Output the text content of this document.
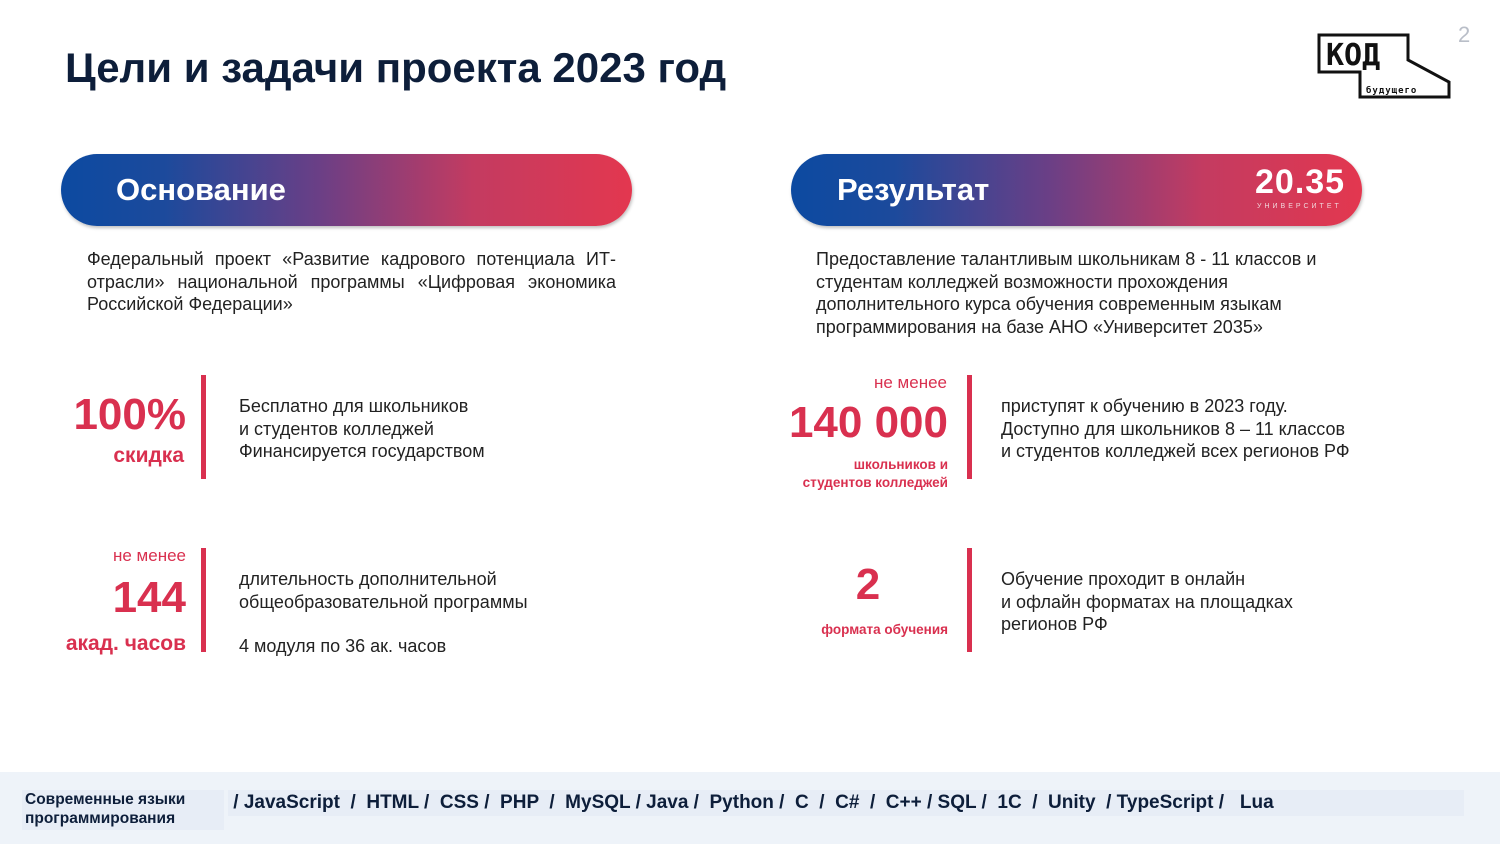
Цели и задачи проекта 2023 год
2
КОД
будущего
Основание	Результат	20.35
УНИВЕРСИТЕТ
Федеральный проект «Развитие кадрового потенциала ИТ- отрасли» национальной программы «Цифровая экономика Российской Федерации»
Предоставление талантливым школьникам 8 - 11 классов и
студентам колледжей возможности прохождения
дополнительного курса обучения современным языкам
программирования на базе АНО «Университет 2035»
100%
скидка
Бесплатно для школьников
и студентов колледжей
Финансируется государством
не менее
144
акад. часов
длительность дополнительной
общеобразовательной программы
4 модуля по 36 ак. часов
не менее
140 000
школьников и
студентов колледжей
приступят к обучению в 2023 году.
Доступно для школьников 8 – 11 классов
и студентов колледжей всех регионов РФ
2
формата обучения
Обучение проходит в онлайн
и офлайн форматах на площадках
регионов РФ
Современные языки
программирования
/ JavaScript  /  HTML /  CSS /  PHP  /  MySQL / Java /  Python /  C  /  C#  /  C++ / SQL /  1C  /  Unity  / TypeScript /   Lua
